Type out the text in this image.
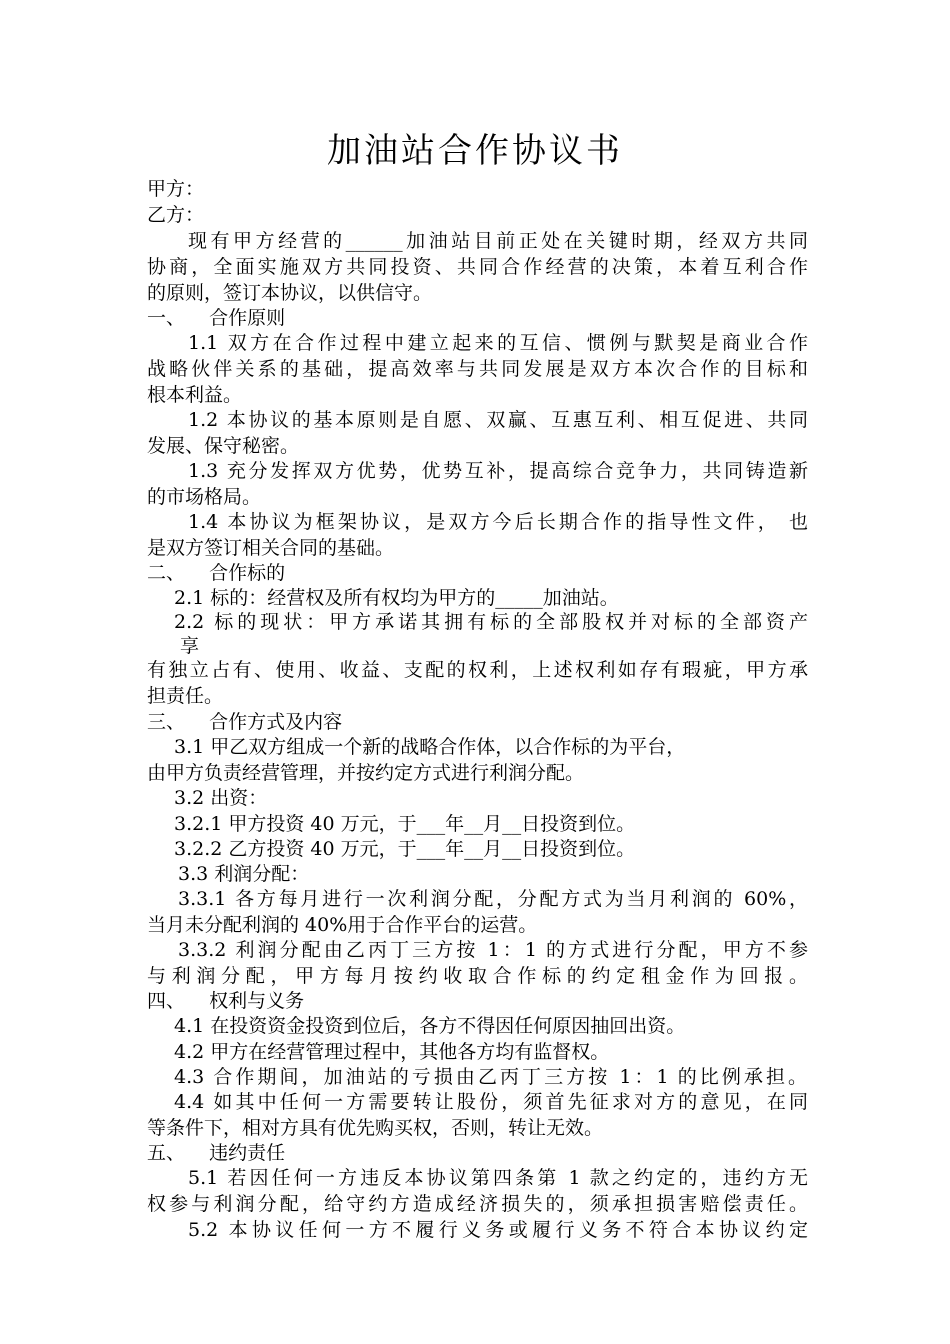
加油站合作协议书
甲方：
乙方：
现有甲方经营的______加油站目前正处在关键时期，经双方共同
协商，全面实施双方共同投资、共同合作经营的决策，本着互利合作
的原则，签订本协议，以供信守。
一、    合作原则
1.1 双方在合作过程中建立起来的互信、惯例与默契是商业合作
战略伙伴关系的基础，提高效率与共同发展是双方本次合作的目标和
根本利益。
1.2 本协议的基本原则是自愿、双赢、互惠互利、相互促进、共同
发展、保守秘密。
1.3 充分发挥双方优势，优势互补，提高综合竞争力，共同铸造新
的市场格局。
1.4 本协议为框架协议，是双方今后长期合作的指导性文件， 也
是双方签订相关合同的基础。
二、    合作标的
2.1 标的：经营权及所有权均为甲方的_____加油站。
2.2 标的现状：甲方承诺其拥有标的全部股权并对标的全部资产
享
有独立占有、使用、收益、支配的权利，上述权利如存有瑕疵，甲方承
担责任。
三、    合作方式及内容
3.1 甲乙双方组成一个新的战略合作体，以合作标的为平台，
由甲方负责经营管理，并按约定方式进行利润分配。
3.2 出资：
3.2.1 甲方投资 40 万元，于___年__月__日投资到位。
3.2.2 乙方投资 40 万元，于___年__月__日投资到位。
3.3 利润分配：
3.3.1 各方每月进行一次利润分配，分配方式为当月利润的 60%，
当月未分配利润的 40%用于合作平台的运营。
3.3.2 利润分配由乙丙丁三方按 1：1 的方式进行分配，甲方不参
与利润分配，甲方每月按约收取合作标的约定租金作为回报。
四、    权利与义务
4.1 在投资资金投资到位后，各方不得因任何原因抽回出资。
4.2 甲方在经营管理过程中，其他各方均有监督权。
4.3 合作期间，加油站的亏损由乙丙丁三方按 1：1 的比例承担。
4.4 如其中任何一方需要转让股份，须首先征求对方的意见，在同
等条件下，相对方具有优先购买权，否则，转让无效。
五、    违约责任
5.1 若因任何一方违反本协议第四条第 1 款之约定的，违约方无
权参与利润分配，给守约方造成经济损失的，须承担损害赔偿责任。
5.2 本协议任何一方不履行义务或履行义务不符合本协议约定
